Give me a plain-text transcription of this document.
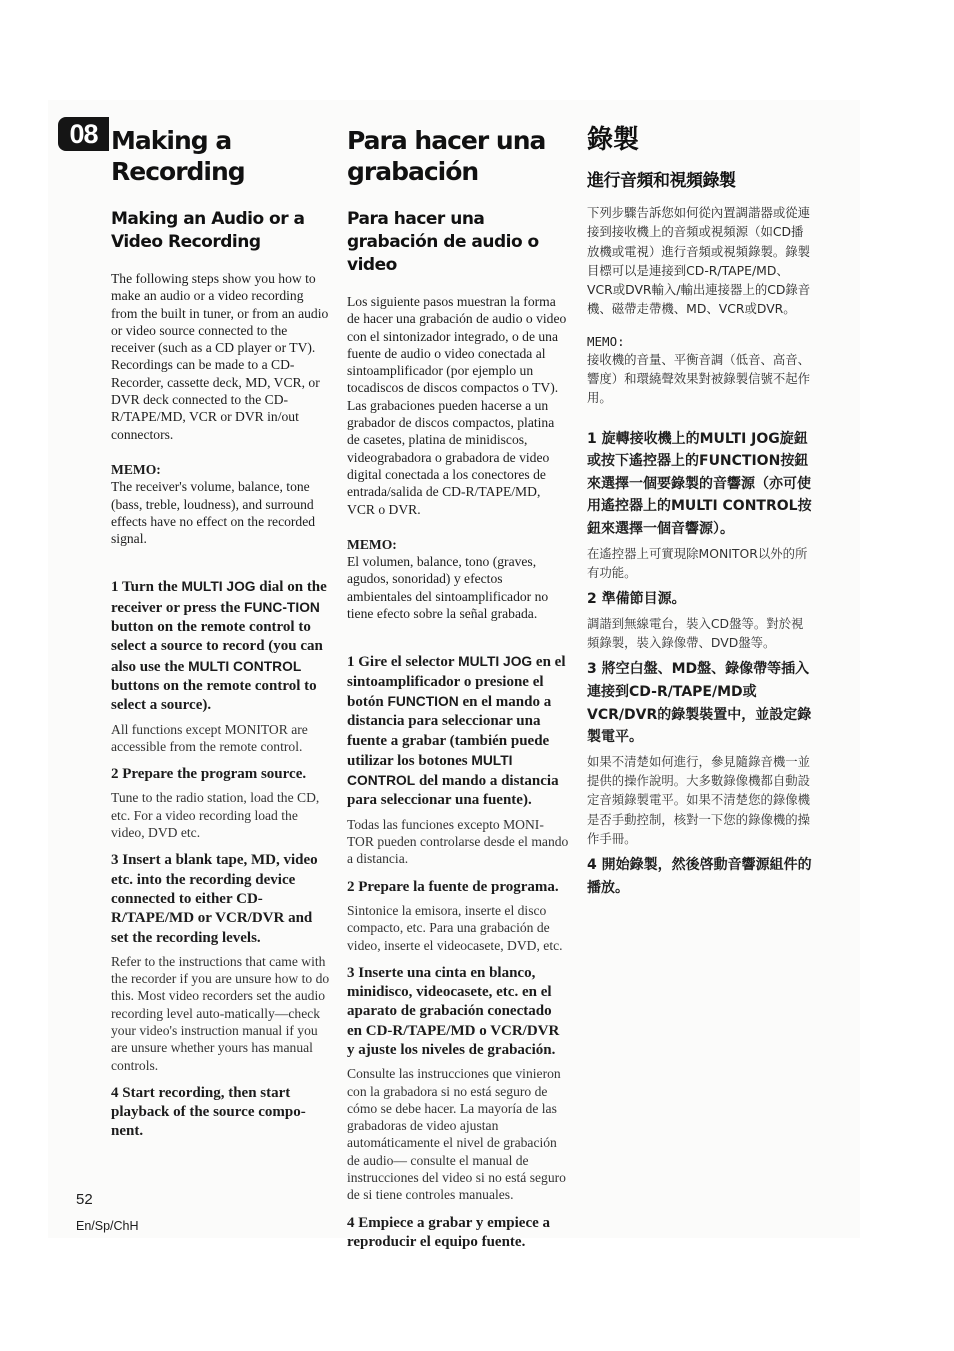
08 Making a Recording
Making an Audio or a Video Recording

The following steps show you how to make an audio or a video recording from the built in tuner, or from an audio or video source connected to the receiver (such as a CD player or TV). Recordings can be made to a CD-Recorder, cassette deck, MD, VCR, or DVR deck connected to the CD-R/TAPE/MD, VCR or DVR in/out connectors.

MEMO:

The receiver's volume, balance, tone (bass, treble, loudness), and surround effects have no effect on the recorded signal.

1 Turn the MULTI JOG dial on the receiver or press the FUNC-TION button on the remote control to select a source to record (you can also use the MULTI CONTROL buttons on the remote control to select a source).

All functions except MONITOR are accessible from the remote control.

2 Prepare the program source.

Tune to the radio station, load the CD, etc. For a video recording load the video, DVD etc.

3 Insert a blank tape, MD, video etc. into the recording device connected to either CD-R/TAPE/MD or VCR/DVR and set the recording levels.

Refer to the instructions that came with the recorder if you are unsure how to do this. Most video recorders set the audio recording level auto-matically—check your video's instruction manual if you are unsure whether yours has manual controls.

4 Start recording, then start playback of the source compo-nent.

Para hacer una grabación
Para hacer una grabación de audio o video

Los siguiente pasos muestran la forma de hacer una grabación de audio o video con el sintonizador integrado, o de una fuente de audio o video conectada al sintoamplificador (por ejemplo un tocadiscos de discos compactos o TV). Las grabaciones pueden hacerse a un grabador de discos compactos, platina de casetes, platina de minidiscos, videograbadora o grabadora de video digital conectada a los conectores de entrada/salida de CD-R/TAPE/MD, VCR o DVR.

MEMO:

El volumen, balance, tono (graves, agudos, sonoridad) y efectos ambientales del sintoamplificador no tiene efecto sobre la señal grabada.

1 Gire el selector MULTI JOG en el sintoamplificador o presione el botón FUNCTION en el mando a distancia para seleccionar una fuente a grabar (también puede utilizar los botones MULTI CONTROL del mando a distancia para seleccionar una fuente).

Todas las funciones excepto MONI-TOR pueden controlarse desde el mando a distancia.

2 Prepare la fuente de programa.

Sintonice la emisora, inserte el disco compacto, etc. Para una grabación de video, inserte el videocasete, DVD, etc.

3 Inserte una cinta en blanco, minidisco, videocasete, etc. en el aparato de grabación conectado en CD-R/TAPE/MD o VCR/DVR y ajuste los niveles de grabación.

Consulte las instrucciones que vinieron con la grabadora si no está seguro de cómo se debe hacer. La mayoría de las grabadoras de video ajustan automáticamente el nivel de grabación de audio— consulte el manual de instrucciones del video si no está seguro de si tiene controles manuales.

4 Empiece a grabar y empiece a reproducir el equipo fuente.

錄製
進行音頻和視頻錄製

下列步驟告訴您如何從內置調諧器或從連接到接收機上的音頻或視頻源（如CD播放機或電視）進行音頻或視頻錄製。錄製目標可以是連接到CD-R/TAPE/MD、VCR或DVR輸入/輸出連接器上的CD錄音機、磁帶走帶機、MD、VCR或DVR。

MEMO:

接收機的音量、平衡音調（低音、高音、響度）和環繞聲效果對被錄製信號不起作用。

1 旋轉接收機上的MULTI JOG旋鈕或按下遙控器上的FUNCTION按鈕來選擇一個要錄製的音響源（亦可使用遙控器上的MULTI CONTROL按鈕來選擇一個音響源）。

在遙控器上可實現除MONITOR以外的所有功能。

2 準備節目源。

調諧到無線電台，裝入CD盤等。對於視頻錄製，裝入錄像帶、DVD盤等。

3 將空白盤、MD盤、錄像帶等插入連接到CD-R/TAPE/MD或VCR/DVR的錄製裝置中，並設定錄製電平。

如果不清楚如何進行，參見隨錄音機一並提供的操作說明。大多數錄像機都自動設定音頻錄製電平。如果不清楚您的錄像機是否手動控制，核對一下您的錄像機的操作手冊。

4 開始錄製，然後啓動音響源組件的播放。

52
En/Sp/ChH
